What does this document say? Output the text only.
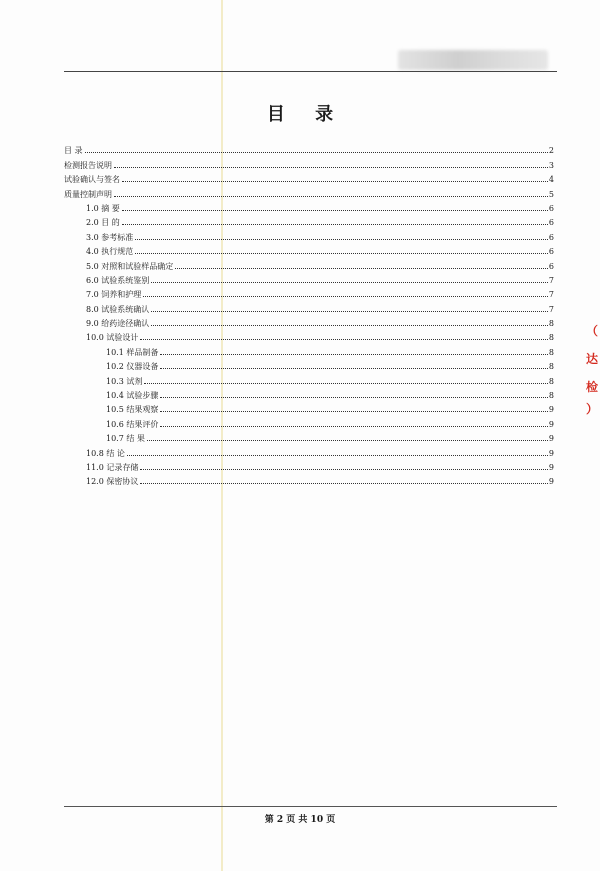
目 录
目 录	2
检测报告说明	3
试验确认与签名	4
质量控制声明	5
1.0 摘 要	6
2.0 目 的	6
3.0 参考标准	6
4.0 执行规范	6
5.0 对照和试验样品确定	6
6.0 试验系统鉴别	7
7.0 饲养和护理	7
8.0 试验系统确认	7
9.0 给药途径确认	8
10.0 试验设计	8
10.1 样品制备	8
10.2 仪器设备	8
10.3 试剂	8
10.4 试验步骤	8
10.5 结果观察	9
10.6 结果评价	9
10.7 结 果	9
10.8 结 论	9
11.0 记录存储	9
12.0 保密协议	9
（
达
检
）
第 2 页 共 10 页
